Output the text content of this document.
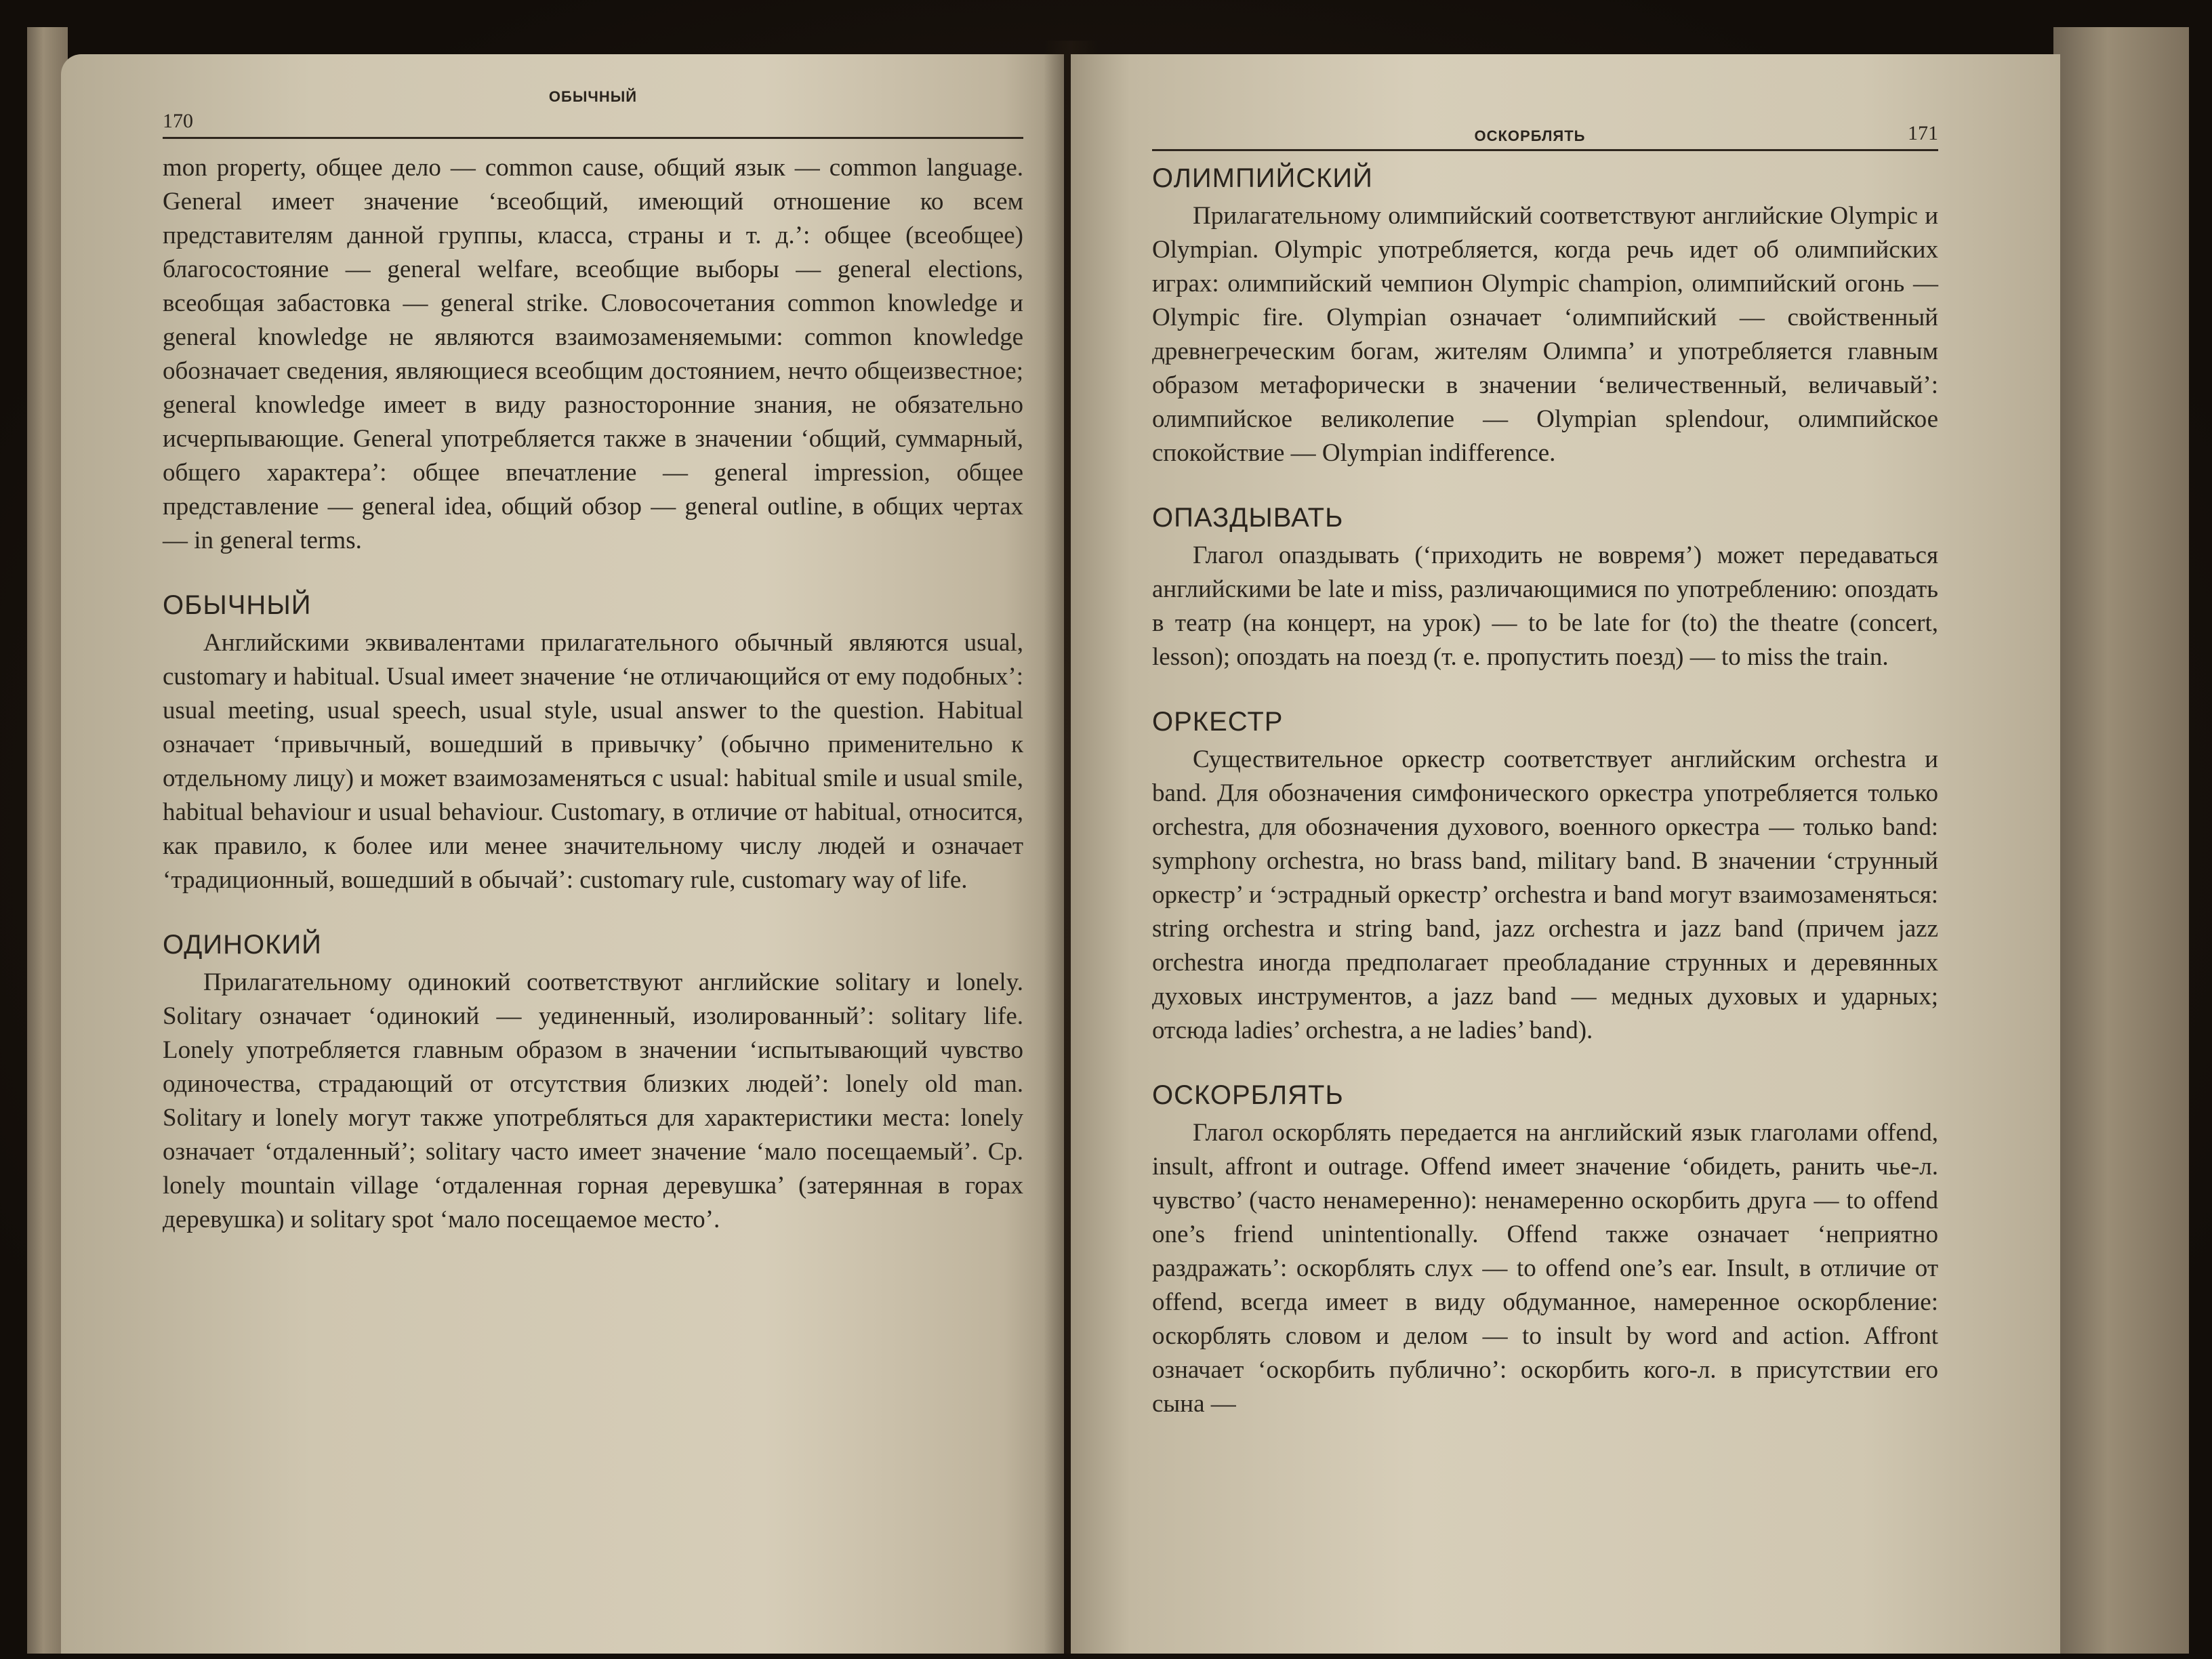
ОБЫЧНЫЙ
170

mon property, общее дело — common cause, общий язык — common language. General имеет значение ‘всеобщий, имеющий отношение ко всем представителям данной группы, класса, страны и т. д.’: общее (всеобщее) благосостояние — general welfare, всеобщие выборы — general elections, всеобщая забастовка — general strike. Словосочетания common knowledge и general knowledge не являются взаимозаменяемыми: common knowledge обозначает сведения, являющиеся всеобщим достоянием, нечто общеизвестное; general knowledge имеет в виду разносторонние знания, не обязательно исчерпывающие. General употребляется также в значении ‘общий, суммарный, общего характера’: общее впечатление — general impression, общее представление — general idea, общий обзор — general outline, в общих чертах — in general terms.

ОБЫЧНЫЙ

Английскими эквивалентами прилагательного обычный являются usual, customary и habitual. Usual имеет значение ‘не отличающийся от ему подобных’: usual meeting, usual speech, usual style, usual answer to the question. Habitual означает ‘привычный, вошедший в привычку’ (обычно применительно к отдельному лицу) и может взаимозаменяться с usual: habitual smile и usual smile, habitual behaviour и usual behaviour. Customary, в отличие от habitual, относится, как правило, к более или менее значительному числу людей и означает ‘традиционный, вошедший в обычай’: customary rule, customary way of life.

ОДИНОКИЙ

Прилагательному одинокий соответствуют английские solitary и lonely. Solitary означает ‘одинокий — уединенный, изолированный’: solitary life. Lonely употребляется главным образом в значении ‘испытывающий чувство одиночества, страдающий от отсутствия близких людей’: lonely old man. Solitary и lonely могут также употребляться для характеристики места: lonely означает ‘отдаленный’; solitary часто имеет значение ‘мало посещаемый’. Ср. lonely mountain village ‘отдаленная горная деревушка’ (затерянная в горах деревушка) и solitary spot ‘мало посещаемое место’.

ОСКОРБЛЯТЬ	171
ОЛИМПИЙСКИЙ

Прилагательному олимпийский соответствуют английские Olympic и Olympian. Olympic употребляется, когда речь идет об олимпийских играх: олимпийский чемпион Olympic champion, олимпийский огонь — Olympic fire. Olympian означает ‘олимпийский — свойственный древнегреческим богам, жителям Олимпа’ и употребляется главным образом метафорически в значении ‘величественный, величавый’: олимпийское великолепие — Olympian splendour, олимпийское спокойствие — Olympian indifference.

ОПАЗДЫВАТЬ

Глагол опаздывать (‘приходить не вовремя’) может передаваться английскими be late и miss, различающимися по употреблению: опоздать в театр (на концерт, на урок) — to be late for (to) the theatre (concert, lesson); опоздать на поезд (т. е. пропустить поезд) — to miss the train.

ОРКЕСТР

Существительное оркестр соответствует английским orchestra и band. Для обозначения симфонического оркестра употребляется только orchestra, для обозначения духового, военного оркестра — только band: symphony orchestra, но brass band, military band. В значении ‘струнный оркестр’ и ‘эстрадный оркестр’ orchestra и band могут взаимозаменяться: string orchestra и string band, jazz orchestra и jazz band (причем jazz orchestra иногда предполагает преобладание струнных и деревянных духовых инструментов, а jazz band — медных духовых и ударных; отсюда ladies’ orchestra, а не ladies’ band).

ОСКОРБЛЯТЬ

Глагол оскорблять передается на английский язык глаголами offend, insult, affront и outrage. Offend имеет значение ‘обидеть, ранить чье-л. чувство’ (часто ненамеренно): ненамеренно оскорбить друга — to offend one’s friend unintentionally. Offend также означает ‘неприятно раздражать’: оскорблять слух — to offend one’s ear. Insult, в отличие от offend, всегда имеет в виду обдуманное, намеренное оскорбление: оскорблять словом и делом — to insult by word and action. Affront означает ‘оскорбить публично’: оскорбить кого-л. в присутствии его сына —
